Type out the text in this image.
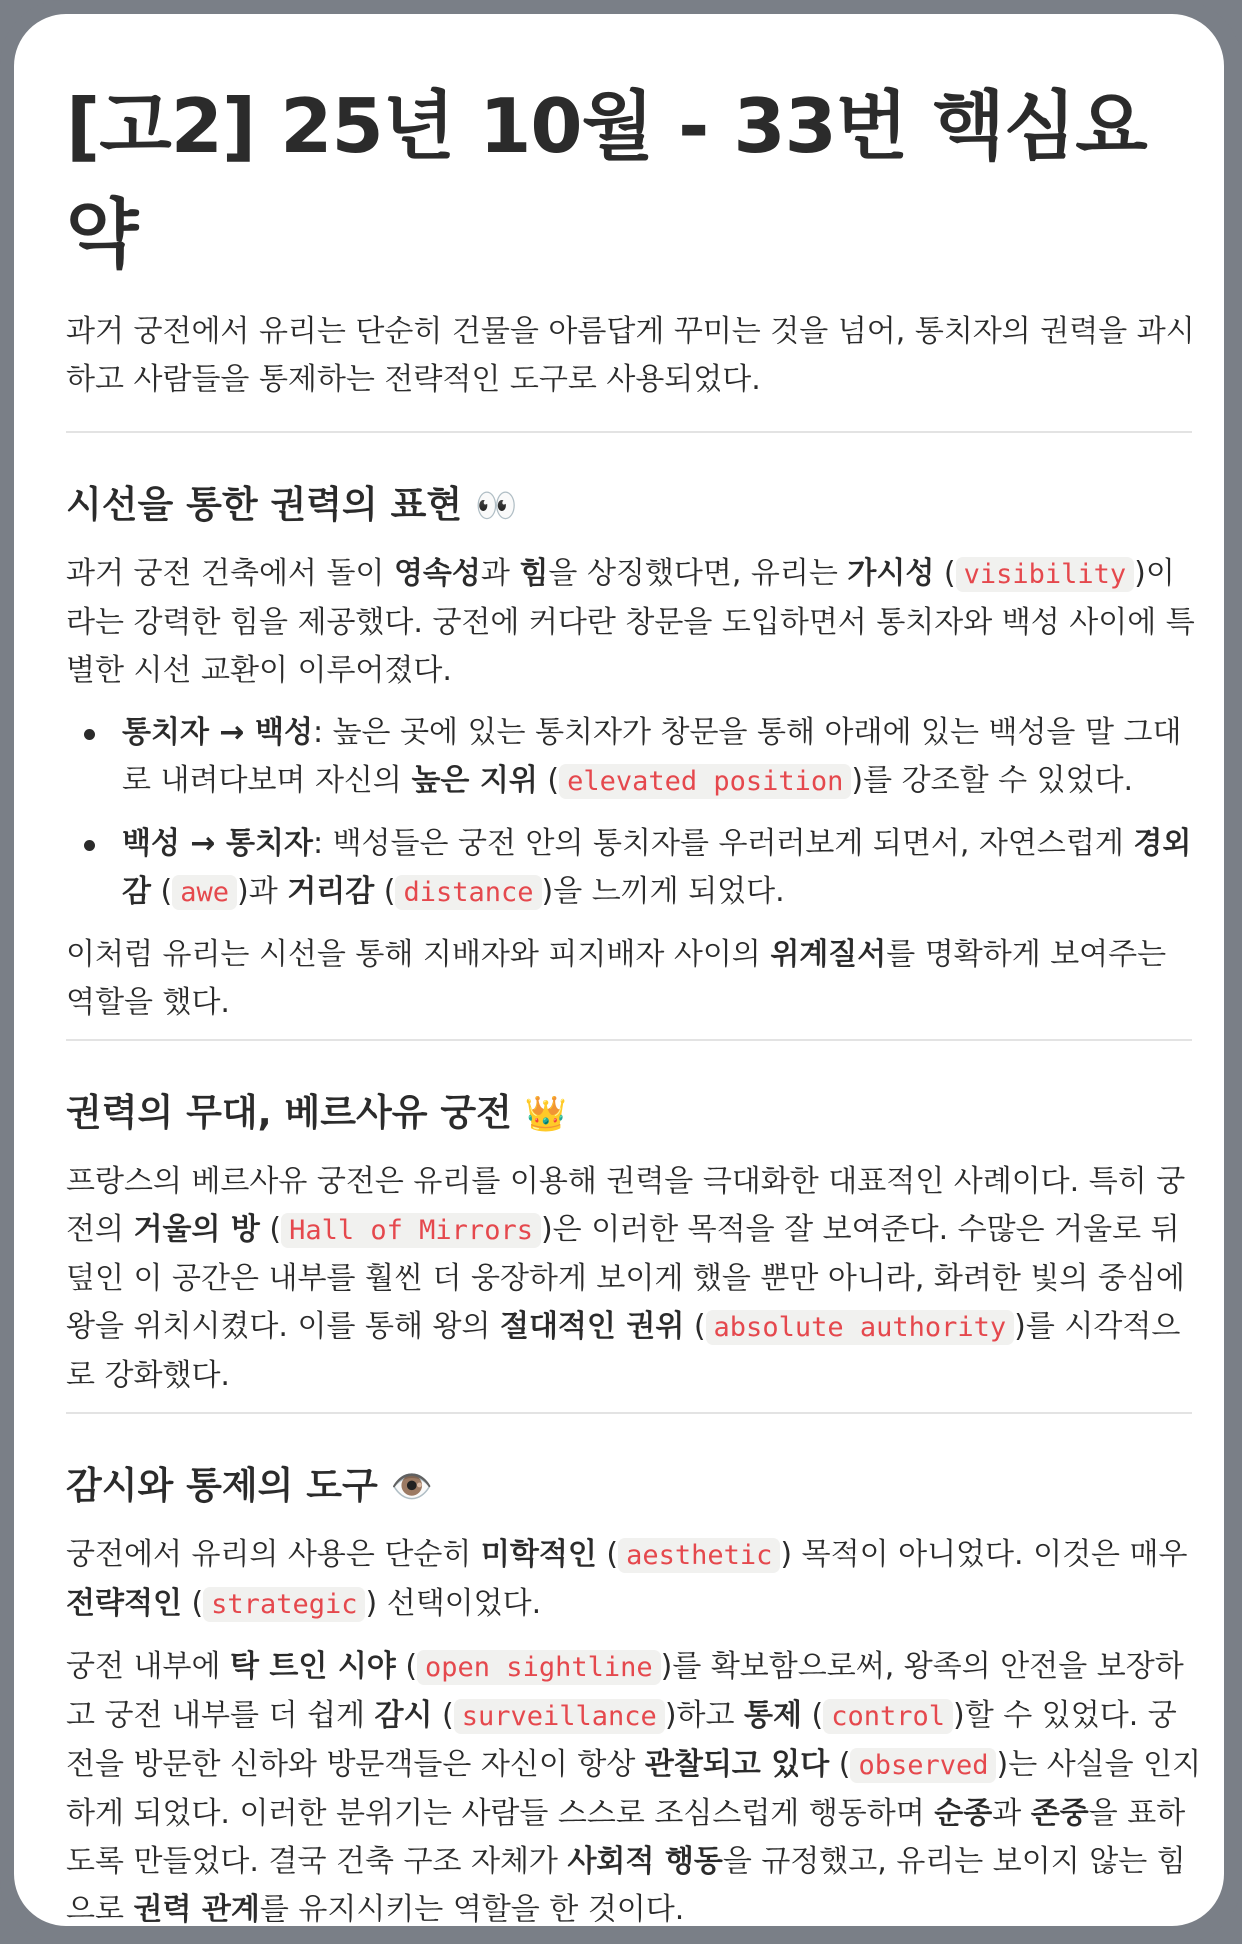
[고2] 25년 10월 - 33번 핵심요약

과거 궁전에서 유리는 단순히 건물을 아름답게 꾸미는 것을 넘어, 통치자의 권력을 과시하고 사람들을 통제하는 전략적인 도구로 사용되었다.

시선을 통한 권력의 표현 👀

과거 궁전 건축에서 돌이 영속성과 힘을 상징했다면, 유리는 가시성 ( visibility )이라는 강력한 힘을 제공했다. 궁전에 커다란 창문을 도입하면서 통치자와 백성 사이에 특별한 시선 교환이 이루어졌다.

통치자 → 백성: 높은 곳에 있는 통치자가 창문을 통해 아래에 있는 백성을 말 그대로 내려다보며 자신의 높은 지위 ( elevated position )를 강조할 수 있었다.
백성 → 통치자: 백성들은 궁전 안의 통치자를 우러러보게 되면서, 자연스럽게 경외감 ( awe )과 거리감 ( distance )을 느끼게 되었다.

이처럼 유리는 시선을 통해 지배자와 피지배자 사이의 위계질서를 명확하게 보여주는 역할을 했다.

권력의 무대, 베르사유 궁전 👑

프랑스의 베르사유 궁전은 유리를 이용해 권력을 극대화한 대표적인 사례이다. 특히 궁전의 거울의 방 ( Hall of Mirrors )은 이러한 목적을 잘 보여준다. 수많은 거울로 뒤덮인 이 공간은 내부를 훨씬 더 웅장하게 보이게 했을 뿐만 아니라, 화려한 빛의 중심에 왕을 위치시켰다. 이를 통해 왕의 절대적인 권위 ( absolute authority )를 시각적으로 강화했다.

감시와 통제의 도구 👁️

궁전에서 유리의 사용은 단순히 미학적인 ( aesthetic ) 목적이 아니었다. 이것은 매우 전략적인 ( strategic ) 선택이었다.

궁전 내부에 탁 트인 시야 ( open sightline )를 확보함으로써, 왕족의 안전을 보장하고 궁전 내부를 더 쉽게 감시 ( surveillance )하고 통제 ( control )할 수 있었다. 궁전을 방문한 신하와 방문객들은 자신이 항상 관찰되고 있다 ( observed )는 사실을 인지하게 되었다. 이러한 분위기는 사람들 스스로 조심스럽게 행동하며 순종과 존중을 표하도록 만들었다. 결국 건축 구조 자체가 사회적 행동을 규정했고, 유리는 보이지 않는 힘으로 권력 관계를 유지시키는 역할을 한 것이다.
